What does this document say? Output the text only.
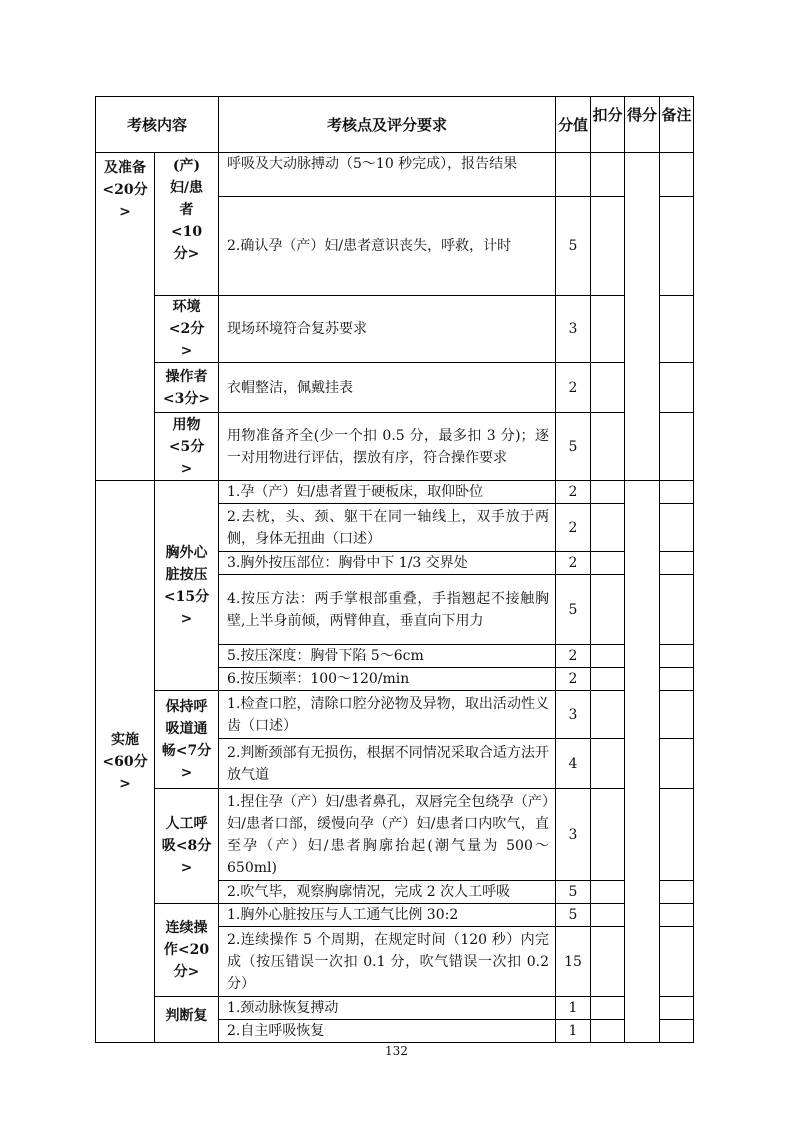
考核内容		考核点及评分要求	分值	扣分	得分	备注
及准备<20分>	(产)妇/患者<10分>	呼吸及大动脉搏动（5～10 秒完成），报告结果				
		2.确认孕（产）妇/患者意识丧失，呼救，计时	5			
	环境<2分>	现场环境符合复苏要求	3			
	操作者<3分>	衣帽整洁，佩戴挂表	2			
	用物<5分>	用物准备齐全(少一个扣 0.5 分，最多扣 3 分)；逐一对用物进行评估，摆放有序，符合操作要求	5			
实施<60分>	胸外心脏按压<15分>	1.孕（产）妇/患者置于硬板床，取仰卧位	2			
		2.去枕，头、颈、躯干在同一轴线上，双手放于两侧，身体无扭曲（口述）	2			
		3.胸外按压部位：胸骨中下 1/3 交界处	2			
		4.按压方法：两手掌根部重叠，手指翘起不接触胸壁,上半身前倾，两臂伸直，垂直向下用力	5			
		5.按压深度：胸骨下陷 5～6cm	2			
		6.按压频率：100～120/min	2			
	保持呼吸道通畅<7分>	1.检查口腔，清除口腔分泌物及异物，取出活动性义齿（口述）	3			
		2.判断颈部有无损伤，根据不同情况采取合适方法开放气道	4			
	人工呼吸<8分>	1.捏住孕（产）妇/患者鼻孔，双唇完全包绕孕（产）妇/患者口部，缓慢向孕（产）妇/患者口内吹气，直至孕（产）妇/患者胸廓抬起(潮气量为 500～650ml)	3			
		2.吹气毕，观察胸廓情况，完成 2 次人工呼吸	5			
	连续操作<20分>	1.胸外心脏按压与人工通气比例 30:2	5			
		2.连续操作 5 个周期，在规定时间（120 秒）内完成（按压错误一次扣 0.1 分，吹气错误一次扣 0.2 分）	15			
	判断复	1.颈动脉恢复搏动	1			
		2.自主呼吸恢复	1			
132
